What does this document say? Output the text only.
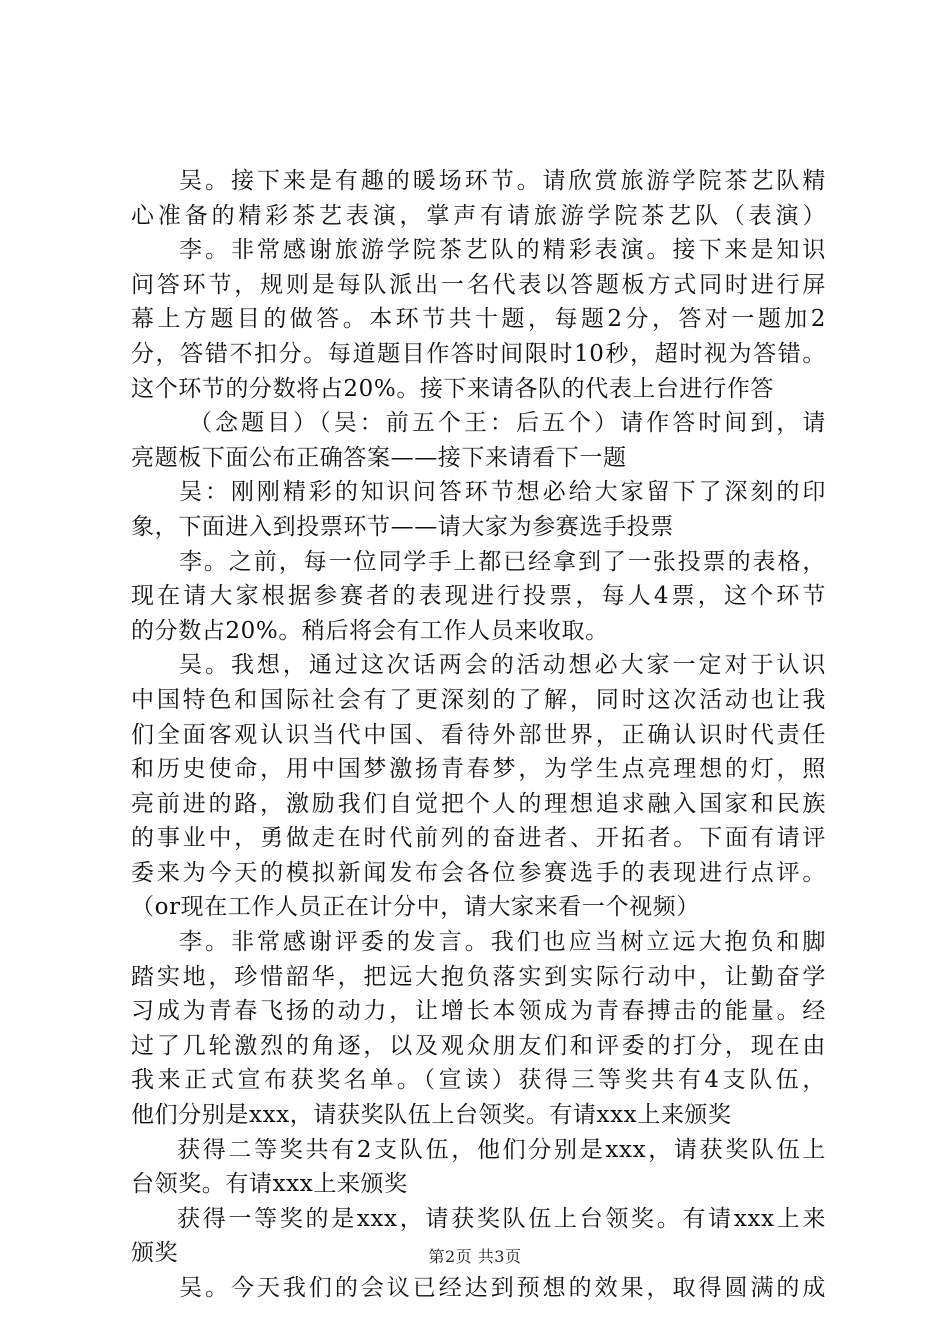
吴。接下来是有趣的暖场环节。请欣赏旅游学院茶艺队精
心准备的精彩茶艺表演，掌声有请旅游学院茶艺队（表演）
李。非常感谢旅游学院茶艺队的精彩表演。接下来是知识
问答环节，规则是每队派出一名代表以答题板方式同时进行屏
幕上方题目的做答。本环节共十题，每题2分，答对一题加2
分，答错不扣分。每道题目作答时间限时10秒，超时视为答错。
这个环节的分数将占20%。接下来请各队的代表上台进行作答
（念题目）（吴：前五个王：后五个）请作答时间到，请
亮题板下面公布正确答案——接下来请看下一题
吴：刚刚精彩的知识问答环节想必给大家留下了深刻的印
象，下面进入到投票环节——请大家为参赛选手投票
李。之前，每一位同学手上都已经拿到了一张投票的表格，
现在请大家根据参赛者的表现进行投票，每人4票，这个环节
的分数占20%。稍后将会有工作人员来收取。
吴。我想，通过这次话两会的活动想必大家一定对于认识
中国特色和国际社会有了更深刻的了解，同时这次活动也让我
们全面客观认识当代中国、看待外部世界，正确认识时代责任
和历史使命，用中国梦激扬青春梦，为学生点亮理想的灯，照
亮前进的路，激励我们自觉把个人的理想追求融入国家和民族
的事业中，勇做走在时代前列的奋进者、开拓者。下面有请评
委来为今天的模拟新闻发布会各位参赛选手的表现进行点评。
（or现在工作人员正在计分中，请大家来看一个视频）
李。非常感谢评委的发言。我们也应当树立远大抱负和脚
踏实地，珍惜韶华，把远大抱负落实到实际行动中，让勤奋学
习成为青春飞扬的动力，让增长本领成为青春搏击的能量。经
过了几轮激烈的角逐，以及观众朋友们和评委的打分，现在由
我来正式宣布获奖名单。（宣读）获得三等奖共有4支队伍，
他们分别是xxx，请获奖队伍上台领奖。有请xxx上来颁奖
获得二等奖共有2支队伍，他们分别是xxx，请获奖队伍上
台领奖。有请xxx上来颁奖
获得一等奖的是xxx，请获奖队伍上台领奖。有请xxx上来
颁奖
吴。今天我们的会议已经达到预想的效果，取得圆满的成
第2页 共3页
